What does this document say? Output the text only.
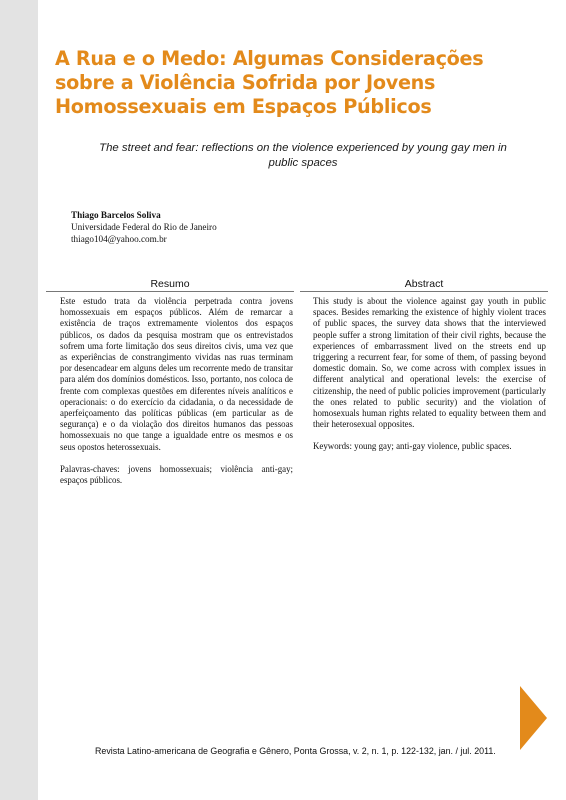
A Rua e o Medo: Algumas Considerações sobre a Violência Sofrida por Jovens Homossexuais em Espaços Públicos

The street and fear: reflections on the violence experienced by young gay men in public spaces

Thiago Barcelos Soliva
Universidade Federal do Rio de Janeiro
thiago104@yahoo.com.br
Resumo

Este estudo trata da violência perpetrada contra jovens homossexuais em espaços públicos. Além de remarcar a existência de traços extremamente violentos dos espaços públicos, os dados da pesquisa mostram que os entrevistados sofrem uma forte limitação dos seus direitos civis, uma vez que as experiências de constrangimento vividas nas ruas terminam por desencadear em alguns deles um recorrente medo de transitar para além dos domínios domésticos. Isso, portanto, nos coloca de frente com complexas questões em diferentes níveis analíticos e operacionais: o do exercício da cidadania, o da necessidade de aperfeiçoamento das políticas públicas (em particular as de segurança) e o da violação dos direitos humanos das pessoas homossexuais no que tange a igualdade entre os mesmos e os seus opostos heterossexuais.

Palavras-chaves: jovens homossexuais; violência anti-gay; espaços públicos.

Abstract

This study is about the violence against gay youth in public spaces. Besides remarking the existence of highly violent traces of public spaces, the survey data shows that the interviewed people suffer a strong limitation of their civil rights, because the experiences of embarrassment lived on the streets end up triggering a recurrent fear, for some of them, of passing beyond domestic domain. So, we come across with complex issues in different analytical and operational levels: the exercise of citizenship, the need of public policies improvement (particularly the ones related to public security) and the violation of homosexuals human rights related to equality between them and their heterosexual opposites.

Keywords: young gay; anti-gay violence, public spaces.

Revista Latino-americana de Geografia e Gênero, Ponta Grossa, v. 2, n. 1, p. 122-132, jan. / jul. 2011.
